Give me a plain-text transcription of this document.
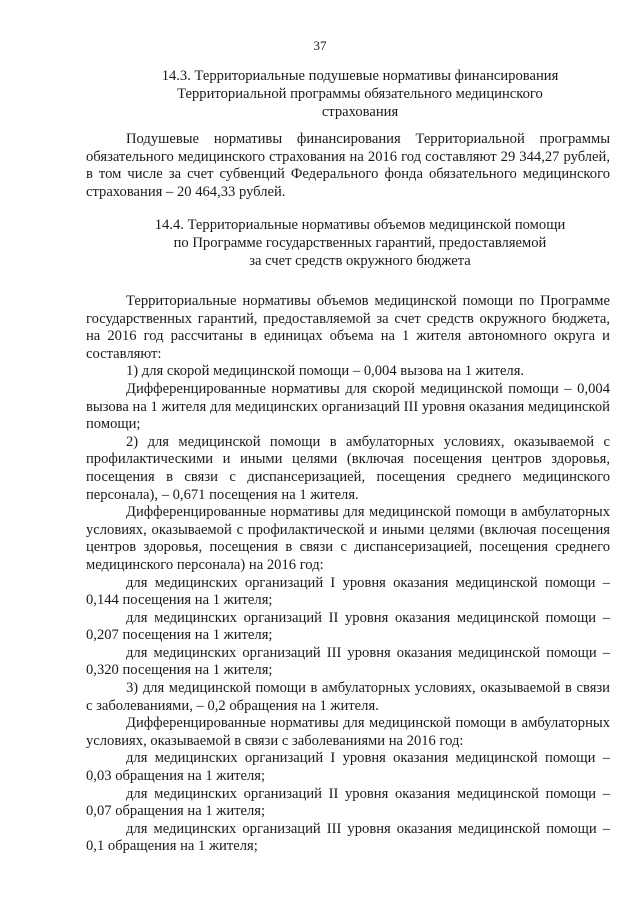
37
14.3. Территориальные подушевые нормативы финансирования
Территориальной программы обязательного медицинского
страхования

Подушевые нормативы финансирования Территориальной программы обязательного медицинского страхования на 2016 год составляют 29 344,27 рублей, в том числе за счет субвенций Федерального фонда обязательного медицинского страхования – 20 464,33 рублей.

14.4. Территориальные нормативы объемов медицинской помощи
по Программе государственных гарантий, предоставляемой
за счет средств окружного бюджета

Территориальные нормативы объемов медицинской помощи по Программе государственных гарантий, предоставляемой за счет средств окружного бюджета, на 2016 год рассчитаны в единицах объема на 1 жителя автономного округа и составляют:

1) для скорой медицинской помощи – 0,004 вызова на 1 жителя.

Дифференцированные нормативы для скорой медицинской помощи – 0,004 вызова на 1 жителя для медицинских организаций III уровня оказания медицинской помощи;

2) для медицинской помощи в амбулаторных условиях, оказываемой с профилактическими и иными целями (включая посещения центров здоровья, посещения в связи с диспансеризацией, посещения среднего медицинского персонала), – 0,671 посещения на 1 жителя.

Дифференцированные нормативы для медицинской помощи в амбулаторных условиях, оказываемой с профилактической и иными целями (включая посещения центров здоровья, посещения в связи с диспансеризацией, посещения среднего медицинского персонала) на 2016 год:

для медицинских организаций I уровня оказания медицинской помощи – 0,144 посещения на 1 жителя;

для медицинских организаций II уровня оказания медицинской помощи – 0,207 посещения на 1 жителя;

для медицинских организаций III уровня оказания медицинской помощи – 0,320 посещения на 1 жителя;

3) для медицинской помощи в амбулаторных условиях, оказываемой в связи с заболеваниями, – 0,2 обращения на 1 жителя.

Дифференцированные нормативы для медицинской помощи в амбулаторных условиях, оказываемой в связи с заболеваниями на 2016 год:

для медицинских организаций I уровня оказания медицинской помощи – 0,03 обращения на 1 жителя;

для медицинских организаций II уровня оказания медицинской помощи – 0,07 обращения на 1 жителя;

для медицинских организаций III уровня оказания медицинской помощи – 0,1 обращения на 1 жителя;
